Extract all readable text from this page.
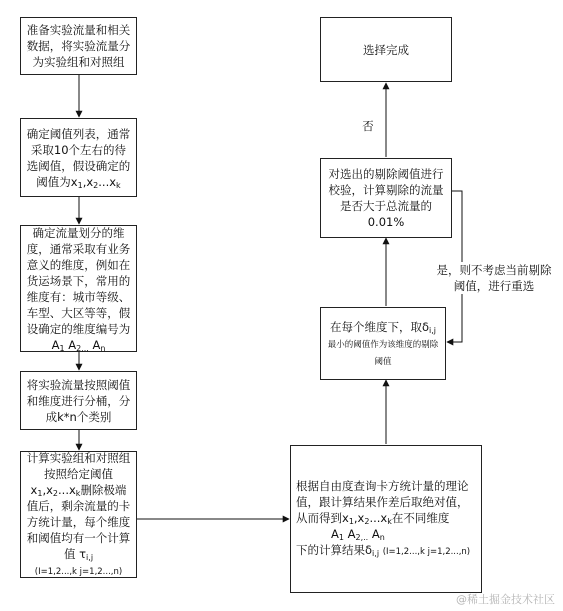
准备实验流量和相关数据，将实验流量分为实验组和对照组
确定阈值列表，通常采取10个左右的待选阈值，假设确定的阈值为$x_1,x_2...x_k$
确定流量划分的维度，通常采取有业务意义的维度，例如在货运场景下，常用的维度有：城市等级、车型、大区等等，假设确定的维度编号为
$A_1$ $A_{2,..}$ $A_n$
将实验流量按照阈值和维度进行分桶，分成k*n个类别
计算实验组和对照组按照给定阈值$x_1,x_2...x_k$删除极端值后，剩余流量的卡方统计量，每个维度和阈值均有一个计算值 $\tau_{i,j}$
(I=1,2...,k j=1,2...,n)
根据自由度查询卡方统计量的理论值，跟计算结果作差后取绝对值，从而得到$x_1,x_2...x_k$在不同维度
$A_1$ $A_{2,..}$ $A_n$
下的计算结果$\delta_{i,j}$ (I=1,2...,k j=1,2...,n)
在每个维度下，取$\delta_{i,j}$
最小的阈值作为该维度的剔除阈值
对选出的剔除阈值进行校验，计算剔除的流量是否大于总流量的0.01%
选择完成
否
是，则不考虑当前剔除阈值，进行重选
@稀土掘金技术社区
